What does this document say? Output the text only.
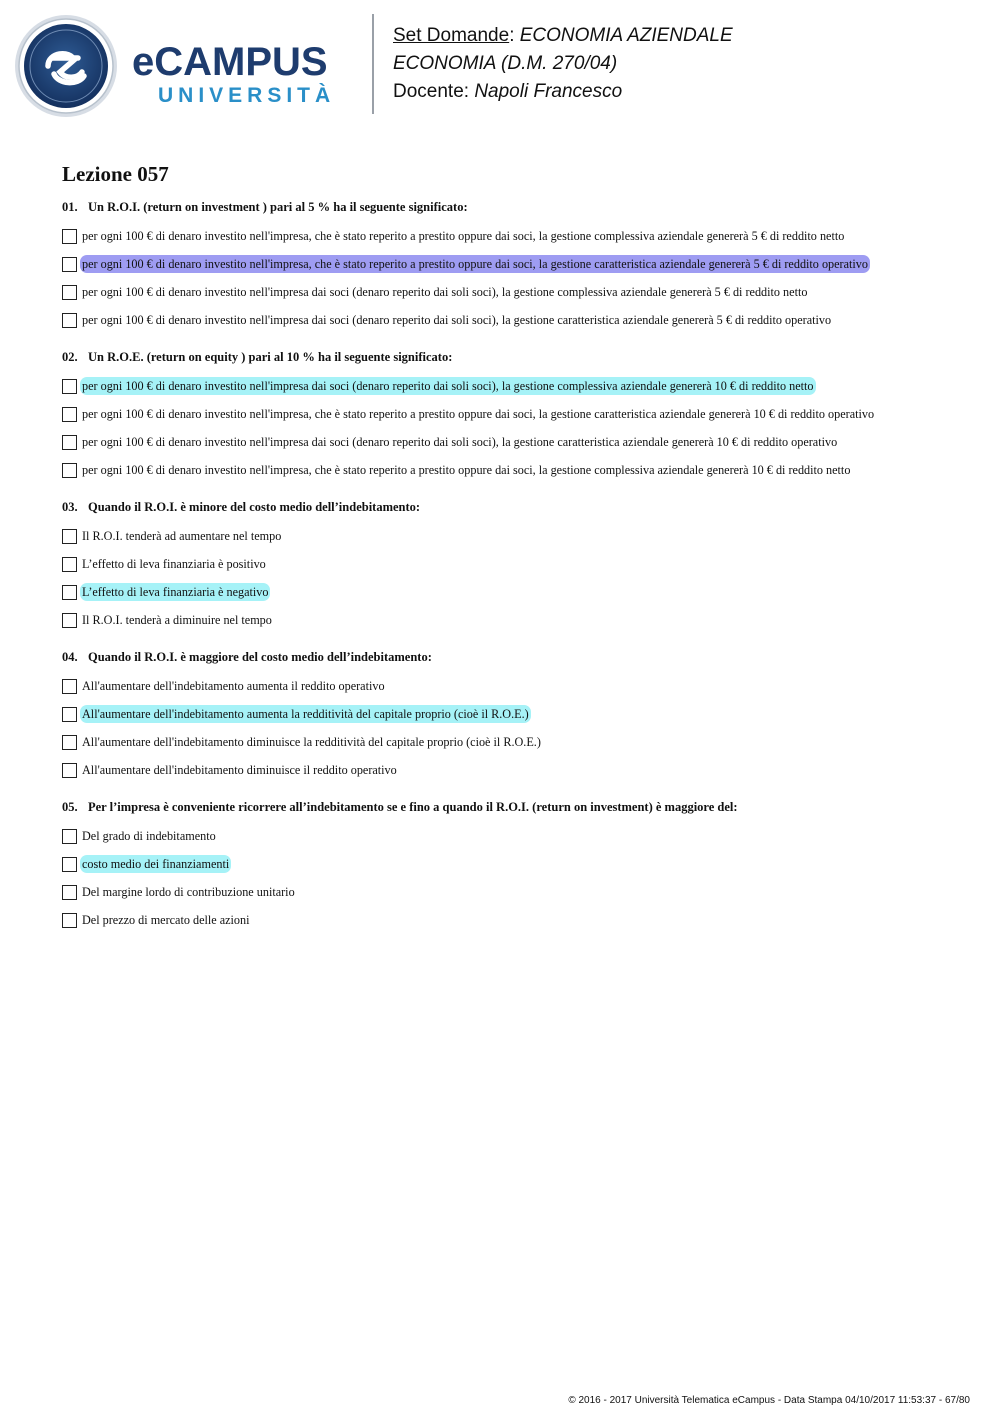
eCAMPUS
UNIVERSITÀ
Set Domande: ECONOMIA AZIENDALE
ECONOMIA (D.M. 270/04)
Docente: Napoli Francesco
Lezione 057
01. Un R.O.I. (return on investment ) pari al 5 % ha il seguente significato:
per ogni 100 € di denaro investito nell'impresa, che è stato reperito a prestito oppure dai soci, la gestione complessiva aziendale genererà 5 € di reddito netto
per ogni 100 € di denaro investito nell'impresa, che è stato reperito a prestito oppure dai soci, la gestione caratteristica aziendale genererà 5 € di reddito operativo
per ogni 100 € di denaro investito nell'impresa dai soci (denaro reperito dai soli soci), la gestione complessiva aziendale genererà 5 € di reddito netto
per ogni 100 € di denaro investito nell'impresa dai soci (denaro reperito dai soli soci), la gestione caratteristica aziendale genererà 5 € di reddito operativo
02. Un R.O.E. (return on equity ) pari al 10 % ha il seguente significato:
per ogni 100 € di denaro investito nell'impresa dai soci (denaro reperito dai soli soci), la gestione complessiva aziendale genererà 10 € di reddito netto
per ogni 100 € di denaro investito nell'impresa, che è stato reperito a prestito oppure dai soci, la gestione caratteristica aziendale genererà 10 € di reddito operativo
per ogni 100 € di denaro investito nell'impresa dai soci (denaro reperito dai soli soci), la gestione caratteristica aziendale genererà 10 € di reddito operativo
per ogni 100 € di denaro investito nell'impresa, che è stato reperito a prestito oppure dai soci, la gestione complessiva aziendale genererà 10 € di reddito netto
03. Quando il R.O.I. è minore del costo medio dell’indebitamento:
Il R.O.I. tenderà ad aumentare nel tempo
L’effetto di leva finanziaria è positivo
L’effetto di leva finanziaria è negativo
Il R.O.I. tenderà a diminuire nel tempo
04. Quando il R.O.I. è maggiore del costo medio dell’indebitamento:
All'aumentare dell'indebitamento aumenta il reddito operativo
All'aumentare dell'indebitamento aumenta la redditività del capitale proprio (cioè il R.O.E.)
All'aumentare dell'indebitamento diminuisce la redditività del capitale proprio (cioè il R.O.E.)
All'aumentare dell'indebitamento diminuisce il reddito operativo
05. Per l’impresa è conveniente ricorrere all’indebitamento se e fino a quando il R.O.I. (return on investment) è maggiore del:
Del grado di indebitamento
costo medio dei finanziamenti
Del margine lordo di contribuzione unitario
Del prezzo di mercato delle azioni
© 2016 - 2017 Università Telematica eCampus - Data Stampa 04/10/2017 11:53:37 - 67/80
